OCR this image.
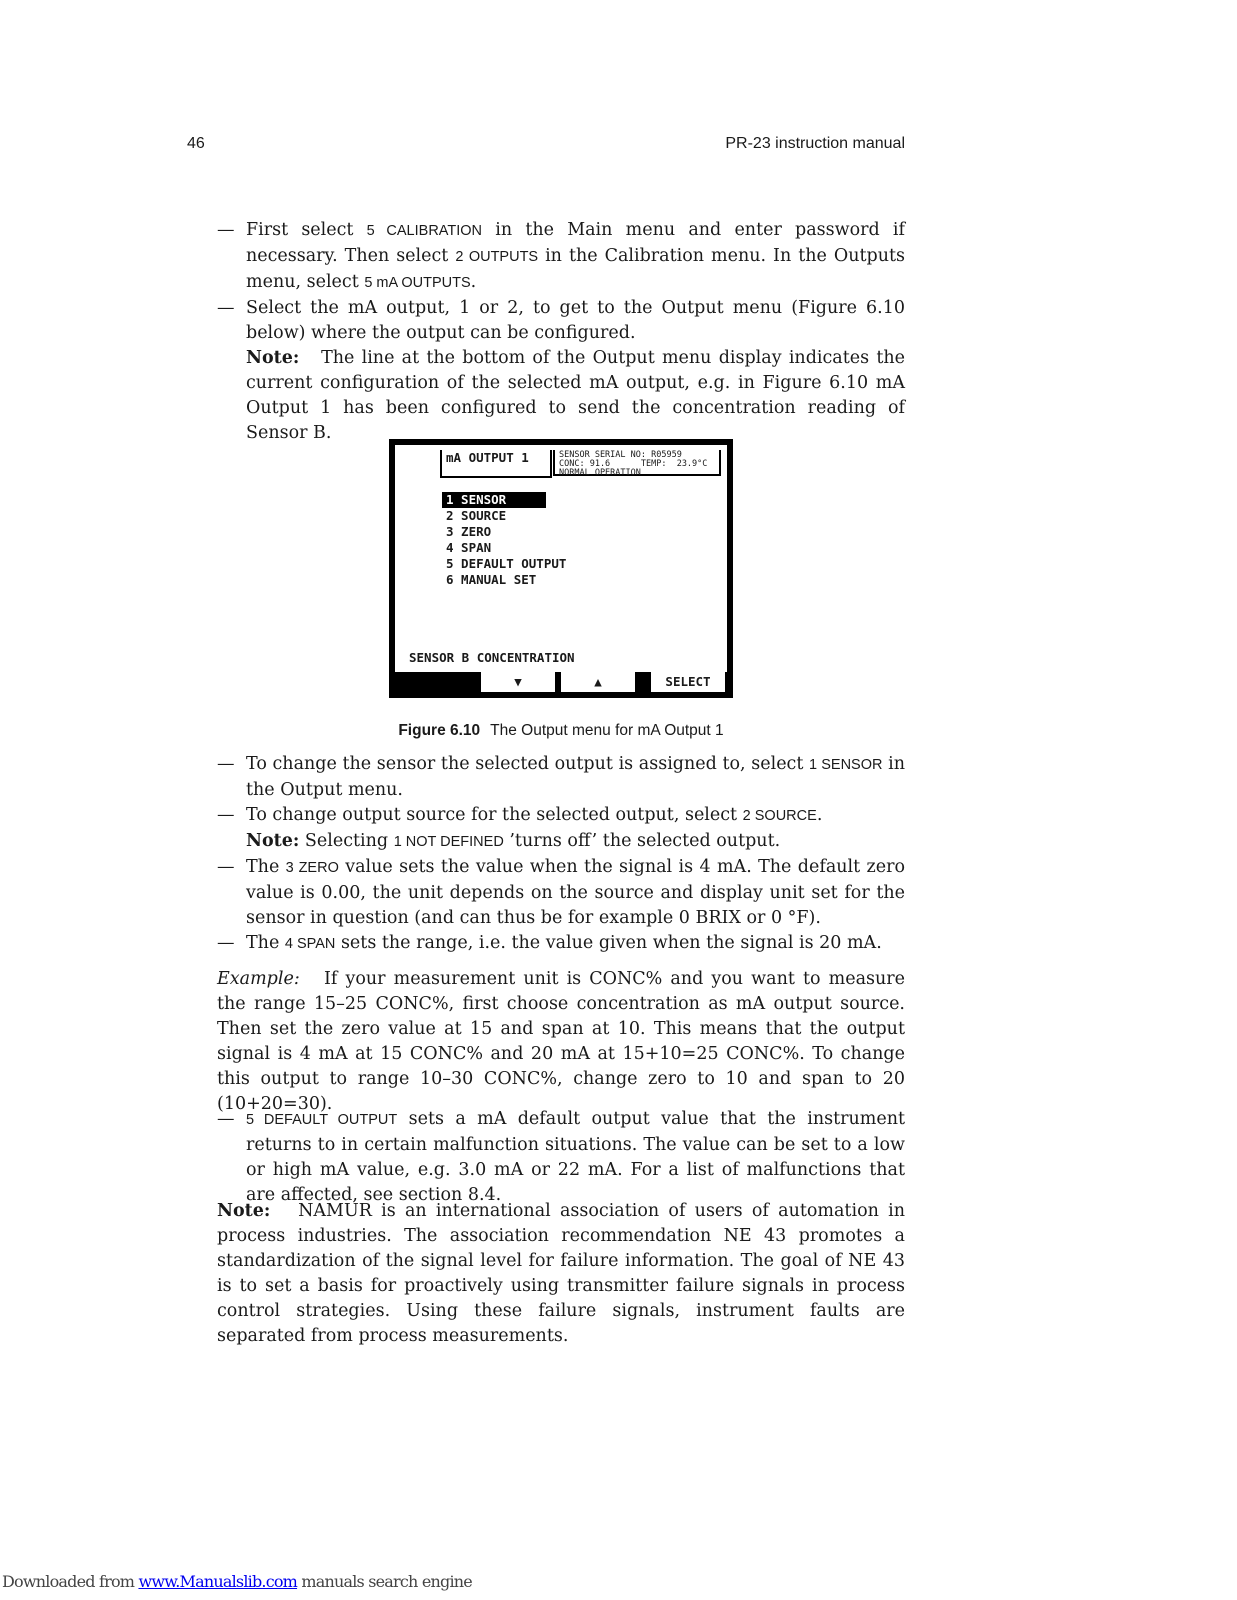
46	PR-23 instruction manual
— First select 5 CALIBRATION in the Main menu and enter password if necessary. Then select 2 OUTPUTS in the Calibration menu. In the Outputs menu, select 5 mA OUTPUTS.
— Select the mA output, 1 or 2, to get to the Output menu (Figure 6.10 below) where the output can be configured.
Note: The line at the bottom of the Output menu display indicates the current configuration of the selected mA output, e.g. in Figure 6.10 mA Output 1 has been configured to send the concentration reading of Sensor B.
mA OUTPUT 1	SENSOR SERIAL NO: R05959
CONC: 91.6      TEMP:  23.9°C
NORMAL OPERATION
1 SENSOR
2 SOURCE
3 ZERO
4 SPAN
5 DEFAULT OUTPUT
6 MANUAL SET
SENSOR B CONCENTRATION
▼	▲	SELECT
Figure 6.10 The Output menu for mA Output 1
— To change the sensor the selected output is assigned to, select 1 SENSOR in the Output menu.
— To change output source for the selected output, select 2 SOURCE.
Note: Selecting 1 NOT DEFINED ’turns off’ the selected output.
— The 3 ZERO value sets the value when the signal is 4 mA. The default zero value is 0.00, the unit depends on the source and display unit set for the sensor in question (and can thus be for example 0 BRIX or 0 °F).
— The 4 SPAN sets the range, i.e. the value given when the signal is 20 mA.
Example: If your measurement unit is CONC% and you want to measure the range 15–25 CONC%, first choose concentration as mA output source. Then set the zero value at 15 and span at 10. This means that the output signal is 4 mA at 15 CONC% and 20 mA at 15+10=25 CONC%. To change this output to range 10–30 CONC%, change zero to 10 and span to 20 (10+20=30).
— 5 DEFAULT OUTPUT sets a mA default output value that the instrument returns to in certain malfunction situations. The value can be set to a low or high mA value, e.g. 3.0 mA or 22 mA. For a list of malfunctions that are affected, see section 8.4.
Note: NAMUR is an international association of users of automation in process industries. The association recommendation NE 43 promotes a standardization of the signal level for failure information. The goal of NE 43 is to set a basis for proactively using transmitter failure signals in process control strategies. Using these failure signals, instrument faults are separated from process measurements.
Downloaded from www.Manualslib.com manuals search engine
